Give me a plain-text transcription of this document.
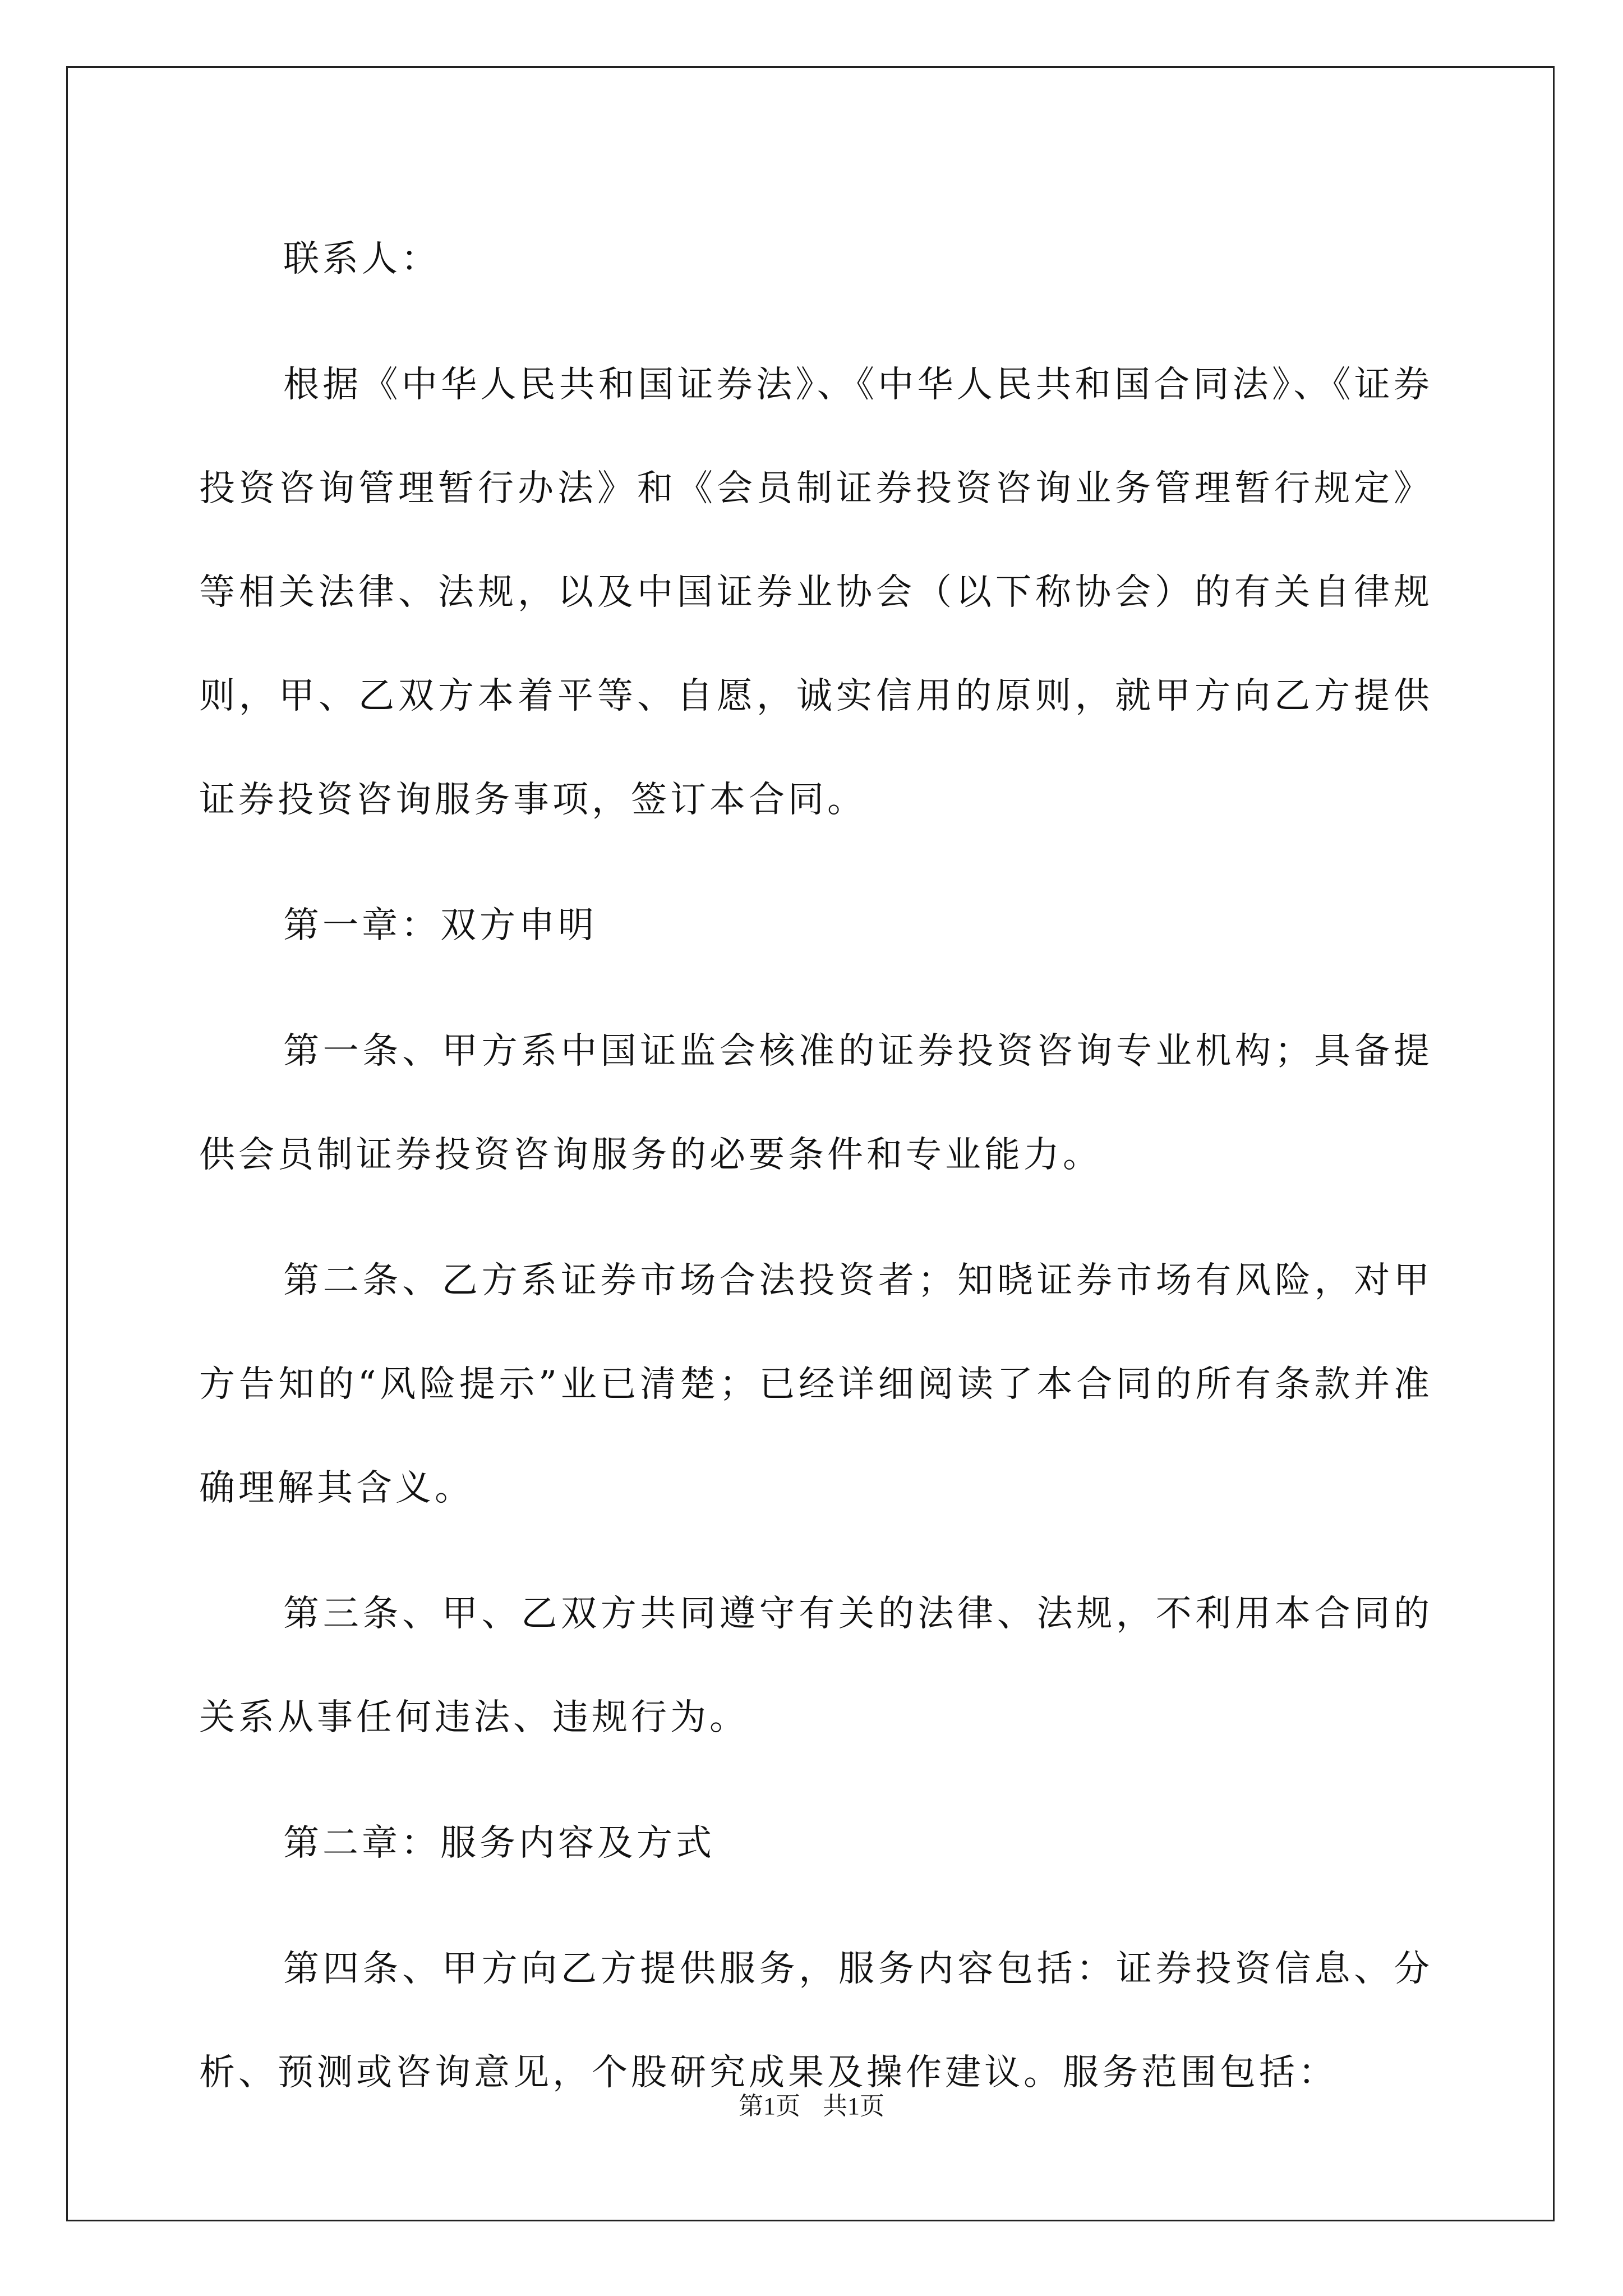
联系人：

根据《中华人民共和国证券法》、《中华人民共和国合同法》、《证券投资咨询管理暂行办法》和《会员制证券投资咨询业务管理暂行规定》等相关法律、法规，以及中国证券业协会（以下称协会）的有关自律规则，甲、乙双方本着平等、自愿，诚实信用的原则，就甲方向乙方提供证券投资咨询服务事项，签订本合同。

第一章：双方申明

第一条、甲方系中国证监会核准的证券投资咨询专业机构；具备提供会员制证券投资咨询服务的必要条件和专业能力。

第二条、乙方系证券市场合法投资者；知晓证券市场有风险，对甲方告知的“风险提示”业已清楚；已经详细阅读了本合同的所有条款并准确理解其含义。

第三条、甲、乙双方共同遵守有关的法律、法规，不利用本合同的关系从事任何违法、违规行为。

第二章：服务内容及方式

第四条、甲方向乙方提供服务，服务内容包括：证券投资信息、分析、预测或咨询意见，个股研究成果及操作建议。服务范围包括：

第1页 共1页
